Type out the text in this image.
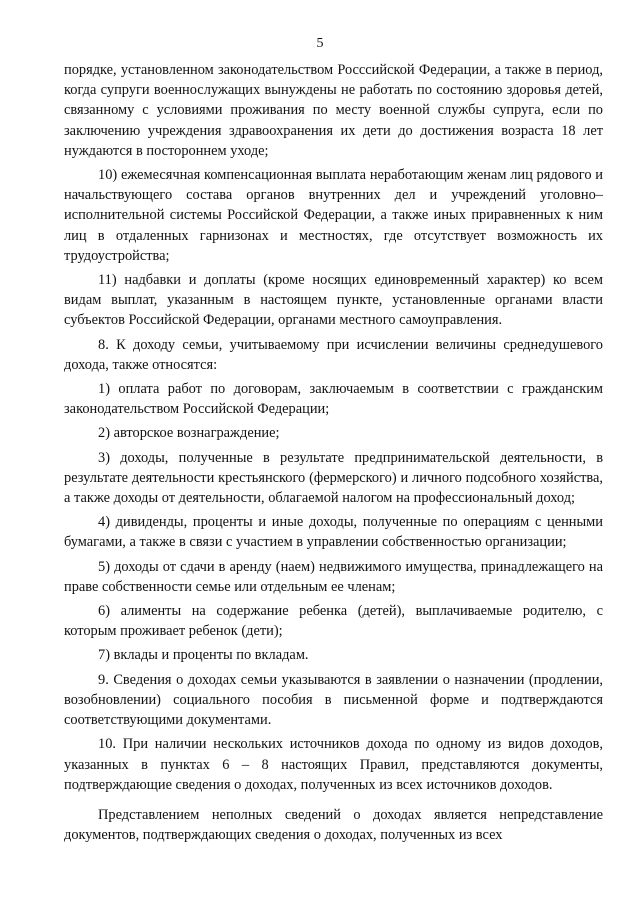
5

порядке, установленном законодательством Росссийской Федерации, а также в период, когда супруги военнослужащих вынуждены не работать по состоянию здоровья детей, связанному с условиями проживания по месту военной службы супруга, если по заключению учреждения здравоохранения их дети до достижения возраста 18 лет нуждаются в постороннем уходе;

10) ежемесячная компенсационная выплата неработающим женам лиц рядового и начальствующего состава органов внутренних дел и учреждений уголовно–исполнительной системы Российской Федерации, а также иных приравненных к ним лиц в отдаленных гарнизонах и местностях, где отсутствует возможность их трудоустройства;

11) надбавки и доплаты (кроме носящих единовременный характер) ко всем видам выплат, указанным в настоящем пункте, установленные органами власти субъектов Российской Федерации, органами местного самоуправления.

8. К доходу семьи, учитываемому при исчислении величины среднедушевого дохода, также относятся:

1) оплата работ по договорам, заключаемым в соответствии с гражданским законодательством Российской Федерации;

2) авторское вознаграждение;

3) доходы, полученные в результате предпринимательской деятельности, в результате деятельности крестьянского (фермерского) и личного подсобного хозяйства, а также доходы от деятельности, облагаемой налогом на профессиональный доход;

4) дивиденды, проценты и иные доходы, полученные по операциям с ценными бумагами, а также в связи с участием в управлении собственностью организации;

5) доходы от сдачи в аренду (наем) недвижимого имущества, принадлежащего на праве собственности семье или отдельным ее членам;

6) алименты на содержание ребенка (детей), выплачиваемые родителю, с которым проживает ребенок (дети);

7) вклады и проценты по вкладам.

9. Сведения о доходах семьи указываются в заявлении о назначении (продлении, возобновлении) социального пособия в письменной форме и подтверждаются соответствующими документами.

10. При наличии нескольких источников дохода по одному из видов доходов, указанных в пунктах 6 – 8 настоящих Правил, представляются документы, подтверждающие сведения о доходах, полученных из всех источников доходов.

Представлением неполных сведений о доходах является непредставление документов, подтверждающих сведения о доходах, полученных из всех
